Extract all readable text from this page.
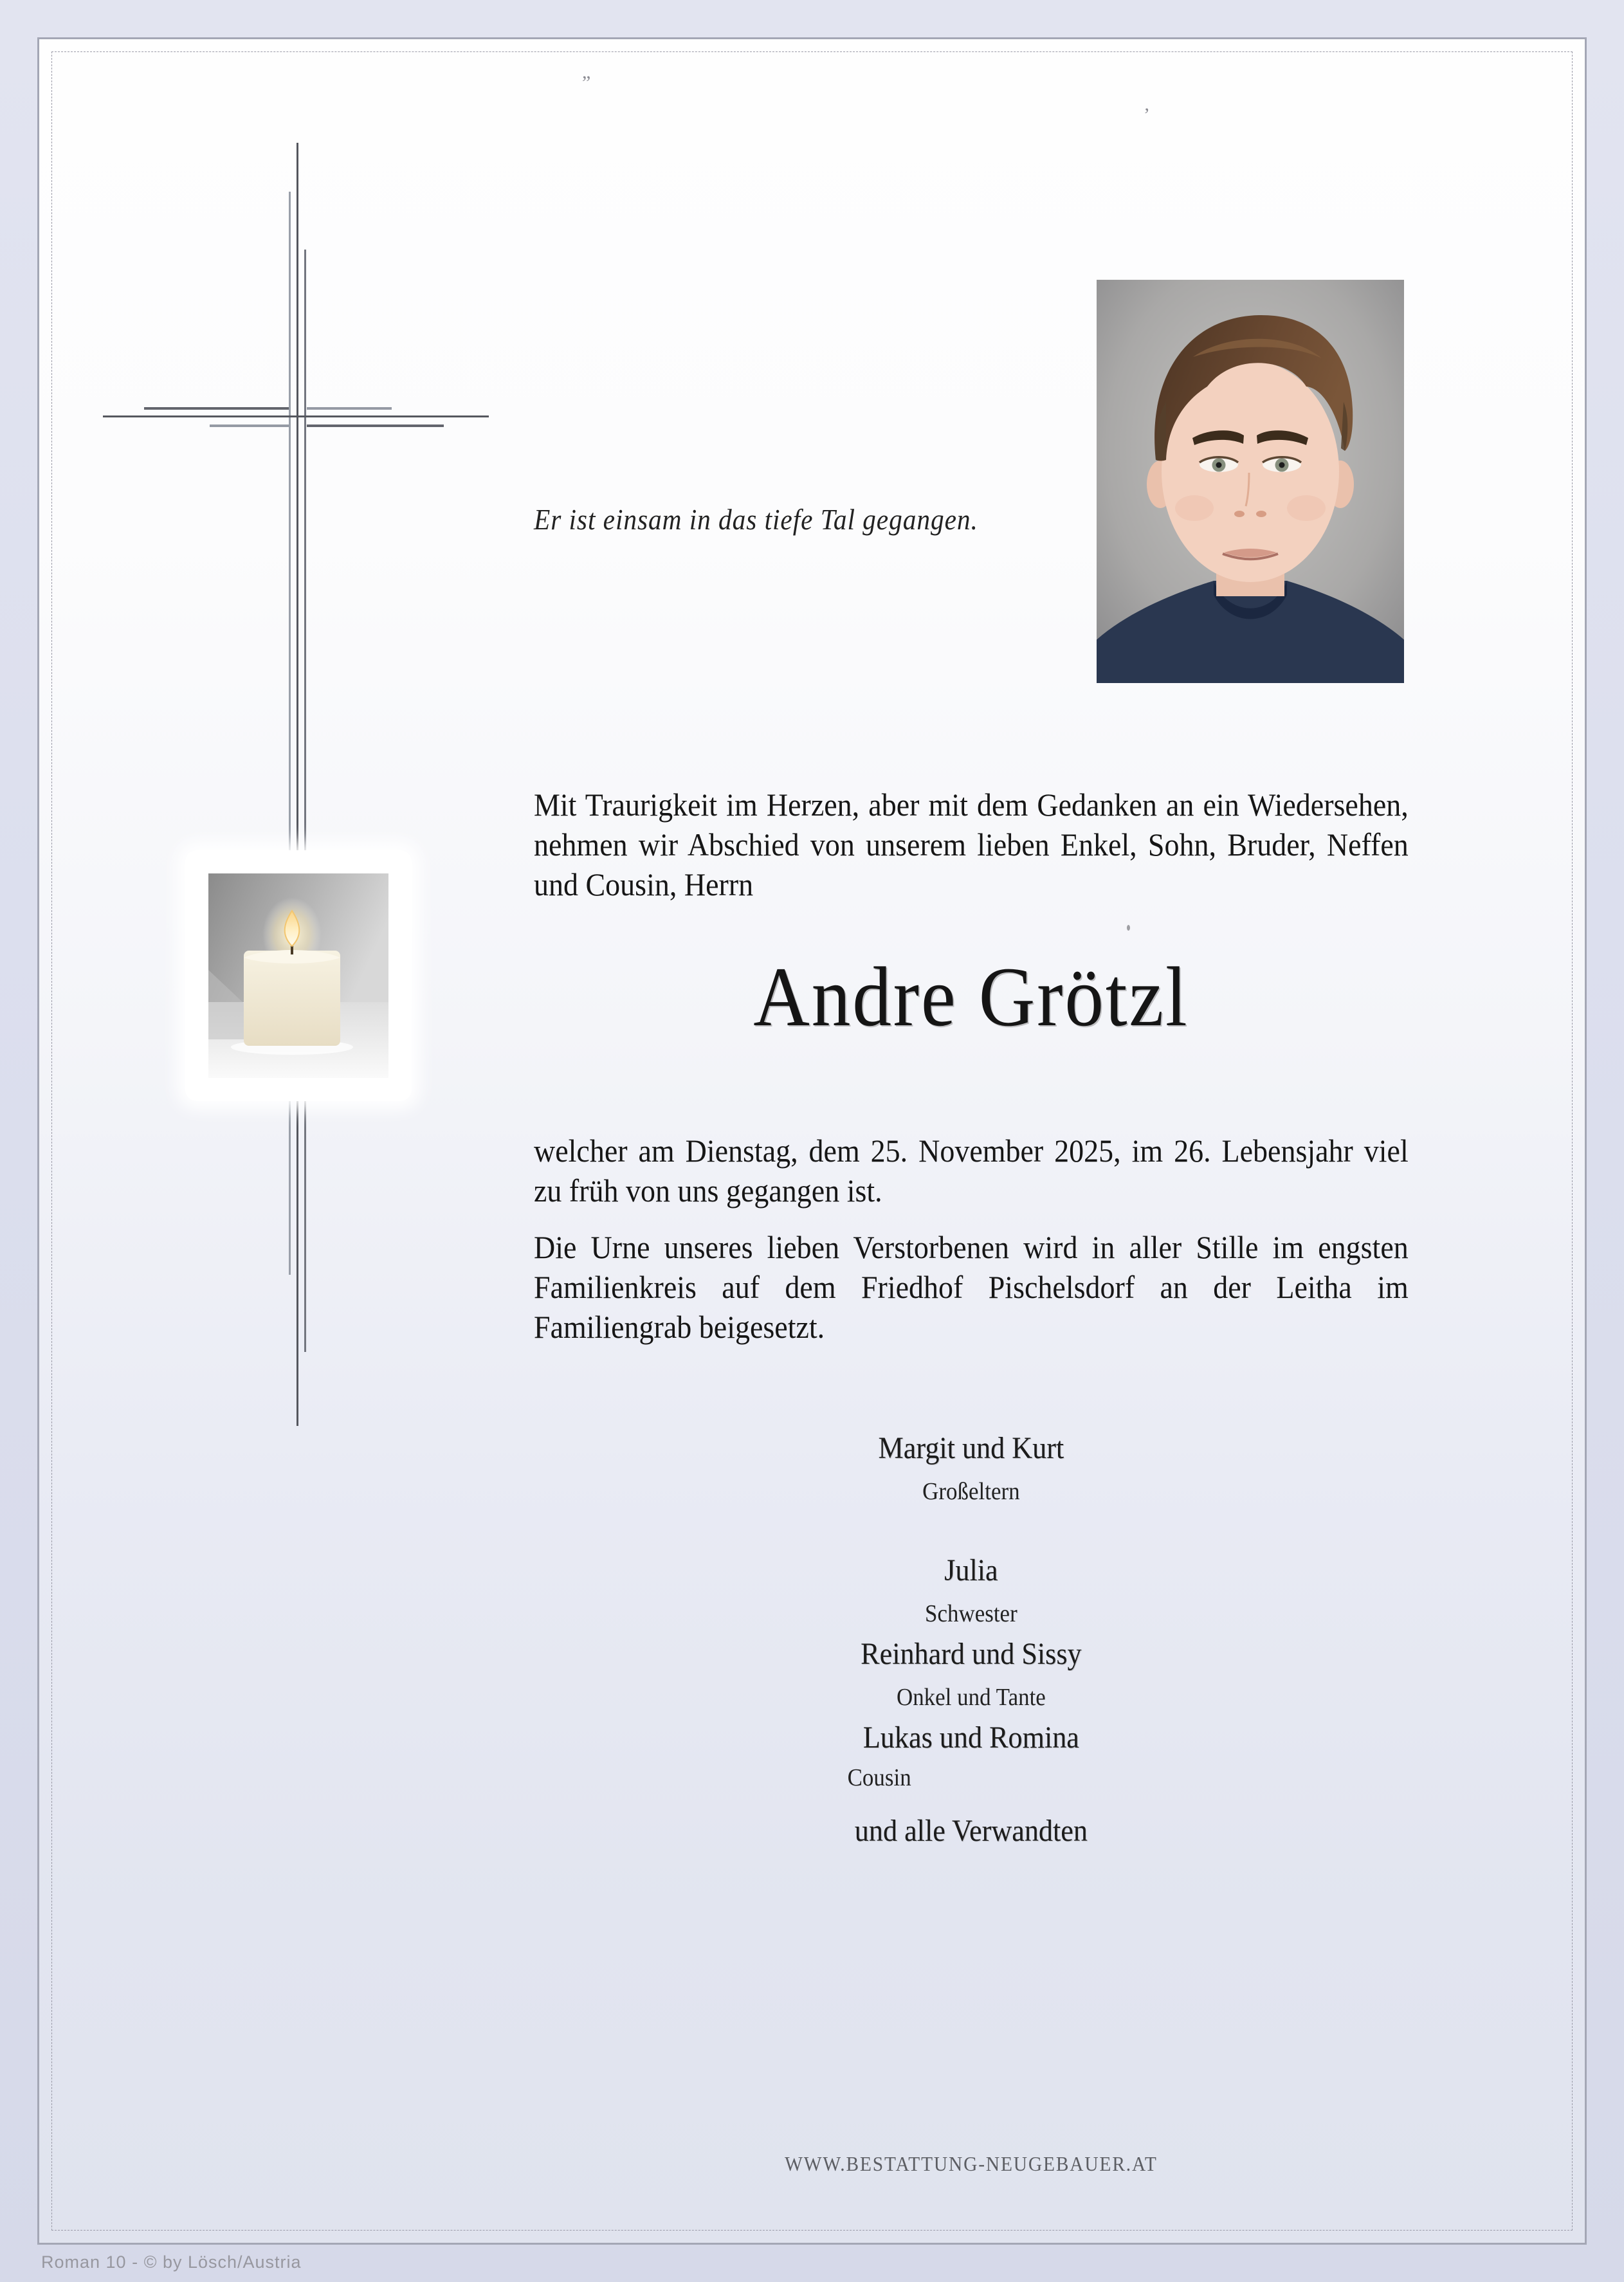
”
’
Er ist einsam in das tiefe Tal gegangen.
Mit Traurigkeit im Herzen, aber mit dem Gedanken an ein Wiedersehen, nehmen wir Abschied von unserem lieben Enkel, Sohn, Bruder, Neffen und Cousin, Herrn
Andre Grötzl
welcher am Dienstag, dem 25. November 2025, im 26. Lebensjahr viel zu früh von uns gegangen ist.
Die Urne unseres lieben Verstorbenen wird in aller Stille im engsten Familienkreis auf dem Friedhof Pischelsdorf an der Leitha im Familiengrab beigesetzt.
Margit und Kurt
Großeltern
Julia
Schwester
Reinhard und Sissy
Onkel und Tante
Lukas und Romina
Cousin
und alle Verwandten
WWW.BESTATTUNG-NEUGEBAUER.AT
Roman 10 - © by Lösch/Austria
